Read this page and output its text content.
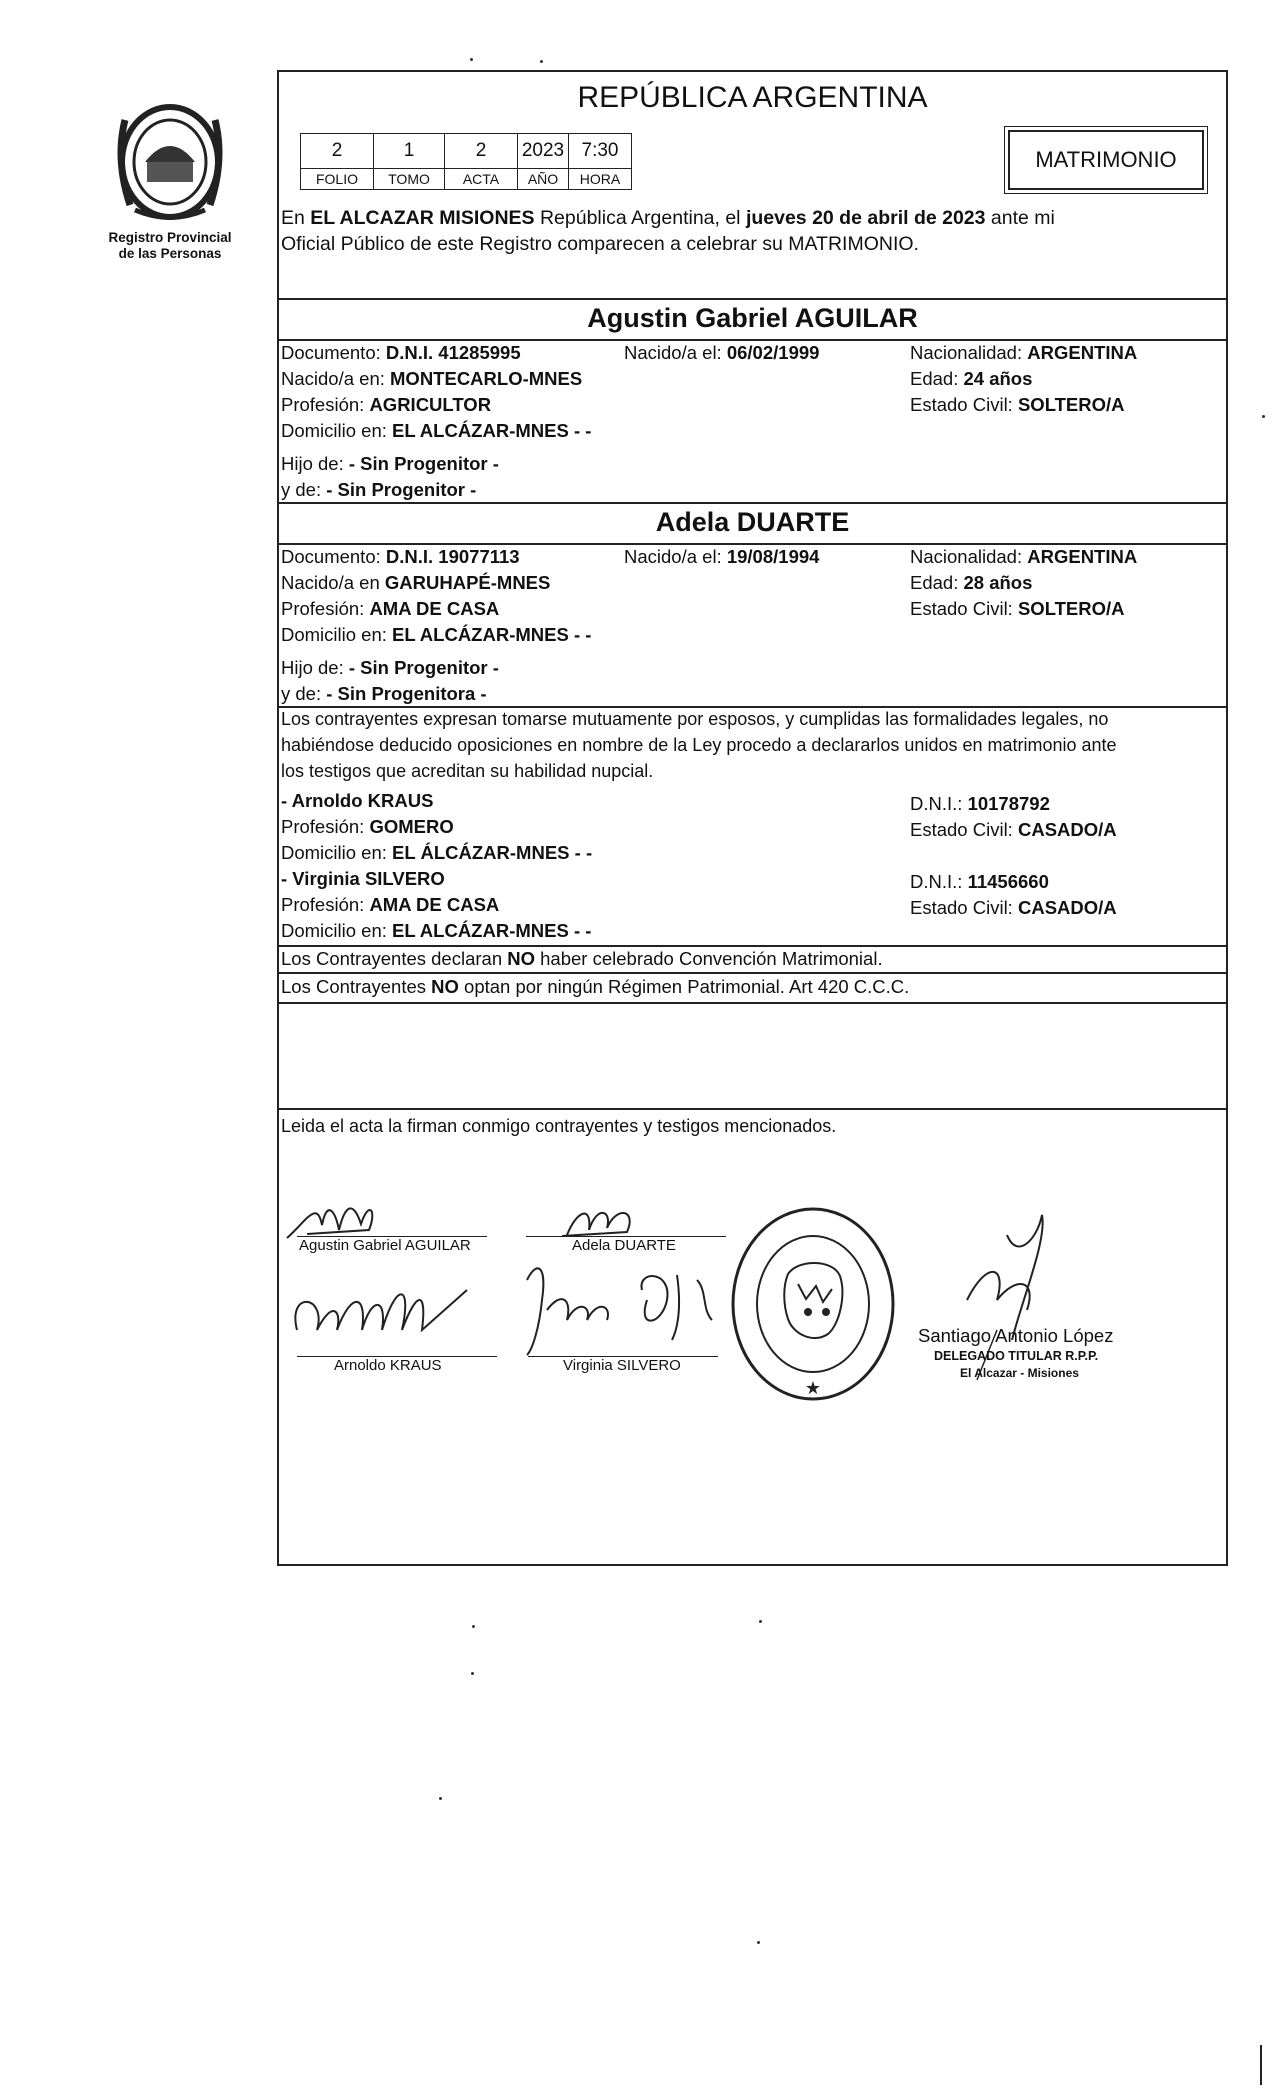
Registro Provincial
de las Personas
REPÚBLICA ARGENTINA
2	1	2	2023	7:30
FOLIO	TOMO	ACTA	AÑO	HORA
MATRIMONIO
En EL ALCAZAR MISIONES República Argentina, el jueves 20 de abril de 2023 ante mi
Oficial Público de este Registro comparecen a celebrar su MATRIMONIO.
Agustin Gabriel AGUILAR
Documento: D.N.I. 41285995	Nacido/a el: 06/02/1999	Nacionalidad: ARGENTINA
Nacido/a en: MONTECARLO-MNES	Edad: 24 años
Profesión: AGRICULTOR	Estado Civil: SOLTERO/A
Domicilio en: EL ALCÁZAR-MNES - -
Hijo de: - Sin Progenitor -
y de: - Sin Progenitor -
Adela DUARTE
Documento: D.N.I. 19077113	Nacido/a el: 19/08/1994	Nacionalidad: ARGENTINA
Nacido/a en GARUHAPÉ-MNES	Edad: 28 años
Profesión: AMA DE CASA	Estado Civil: SOLTERO/A
Domicilio en: EL ALCÁZAR-MNES - -
Hijo de: - Sin Progenitor -
y de: - Sin Progenitora -
Los contrayentes expresan tomarse mutuamente por esposos, y cumplidas las formalidades legales, no
habiéndose deducido oposiciones en nombre de la Ley procedo a declararlos unidos en matrimonio ante
los testigos que acreditan su habilidad nupcial.
- Arnoldo KRAUS	D.N.I.: 10178792
Profesión: GOMERO	Estado Civil: CASADO/A
Domicilio en: EL ÁLCÁZAR-MNES - -
- Virginia SILVERO	D.N.I.: 11456660
Profesión: AMA DE CASA	Estado Civil: CASADO/A
Domicilio en: EL ALCÁZAR-MNES - -
Los Contrayentes declaran NO haber celebrado Convención Matrimonial.
Los Contrayentes NO optan por ningún Régimen Patrimonial. Art 420 C.C.C.
Leida el acta la firman conmigo contrayentes y testigos mencionados.
Agustin Gabriel AGUILAR	Adela DUARTE
Arnoldo KRAUS	Virginia SILVERO
Santiago Antonio López
DELEGADO TITULAR R.P.P.
El Alcazar - Misiones
★
